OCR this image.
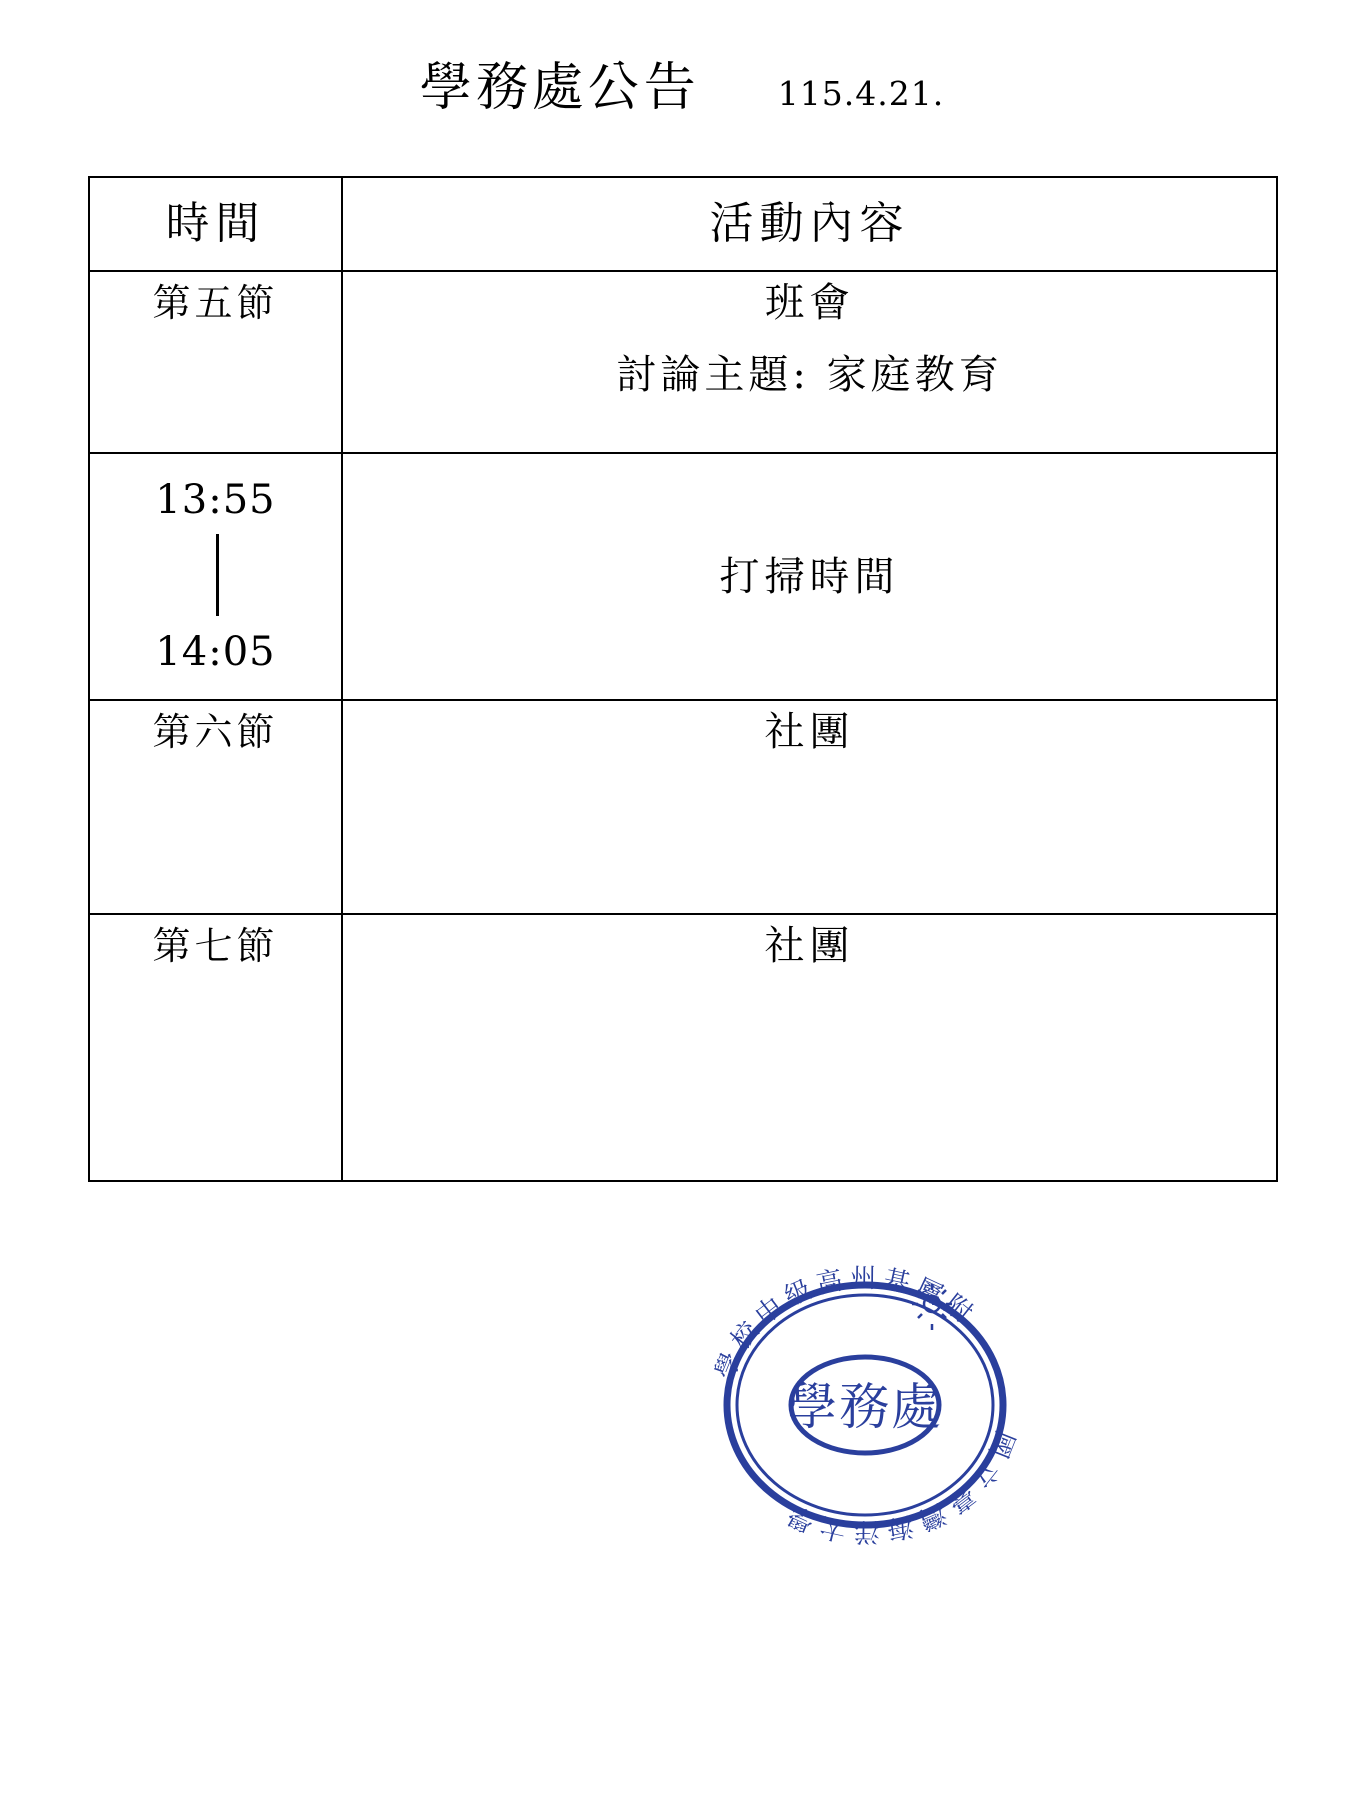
學務處公告 115.4.21.
時間	活動內容
第五節	班會
討論主題: 家庭教育

13:55
14:05	打掃時間
第六節	社團
第七節	社團
學校中級高州基屬附
國立臺灣海洋大學
學務處
